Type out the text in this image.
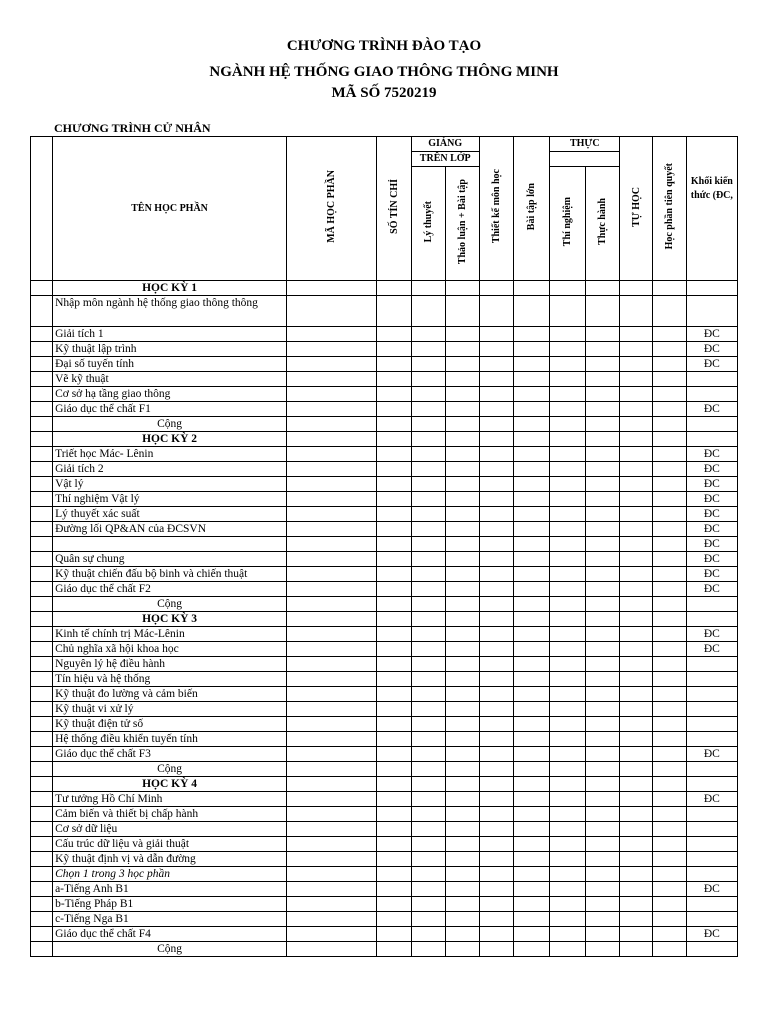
CHƯƠNG TRÌNH ĐÀO TẠO
NGÀNH HỆ THỐNG GIAO THÔNG THÔNG MINH
MÃ SỐ 7520219
CHƯƠNG TRÌNH CỬ NHÂN
	TÊN HỌC PHẦN	MÃ HỌC PHẦN	SỐ TÍN CHỈ	GIẢNG		Thiết kế môn học	Bài tập lớn	THỰC		TỰ HỌC	Học phần tiên quyết	Khối kiến thức (ĐC,
				TRÊN LỚP								
				Lý thuyết	Thảo luận + Bài tập			Thí nghiệm	Thực hành			
	HỌC KỲ 1											
	Nhập môn ngành hệ thống giao thông thông											
	Giải tích 1											ĐC
	Kỹ thuật lập trình											ĐC
	Đại số tuyến tính											ĐC
	Vẽ kỹ thuật											
	Cơ sở hạ tầng giao thông											
	Giáo dục thể chất F1											ĐC
	Cộng											
	HỌC KỲ 2											
	Triết học Mác- Lênin											ĐC
	Giải tích 2											ĐC
	Vật lý											ĐC
	Thí nghiệm Vật lý											ĐC
	Lý thuyết xác suất											ĐC
	Đường lối QP&AN của ĐCSVN											ĐC
												ĐC
	Quân sự chung											ĐC
	Kỹ thuật chiến đấu bộ binh và chiến thuật											ĐC
	Giáo dục thể chất F2											ĐC
	Cộng											
	HỌC KỲ 3											
	Kinh tế chính trị Mác-Lênin											ĐC
	Chủ nghĩa xã hội khoa học											ĐC
	Nguyên lý hệ điều hành											
	Tín hiệu và hệ thống											
	Kỹ thuật đo lường và cảm biến											
	Kỹ thuật vi xử lý											
	Kỹ thuật điện tử số											
	Hệ thống điều khiển tuyến tính											
	Giáo dục thể chất F3											ĐC
	Cộng											
	HỌC KỲ 4											
	Tư tưởng Hồ Chí Minh											ĐC
	Cảm biến và thiết bị chấp hành											
	Cơ sở dữ liệu											
	Cấu trúc dữ liệu và giải thuật											
	Kỹ thuật định vị và dẫn đường											
	Chọn 1 trong 3 học phần											
	a-Tiếng Anh B1											ĐC
	b-Tiếng Pháp B1											
	c-Tiếng Nga B1											
	Giáo dục thể chất F4											ĐC
	Cộng											
